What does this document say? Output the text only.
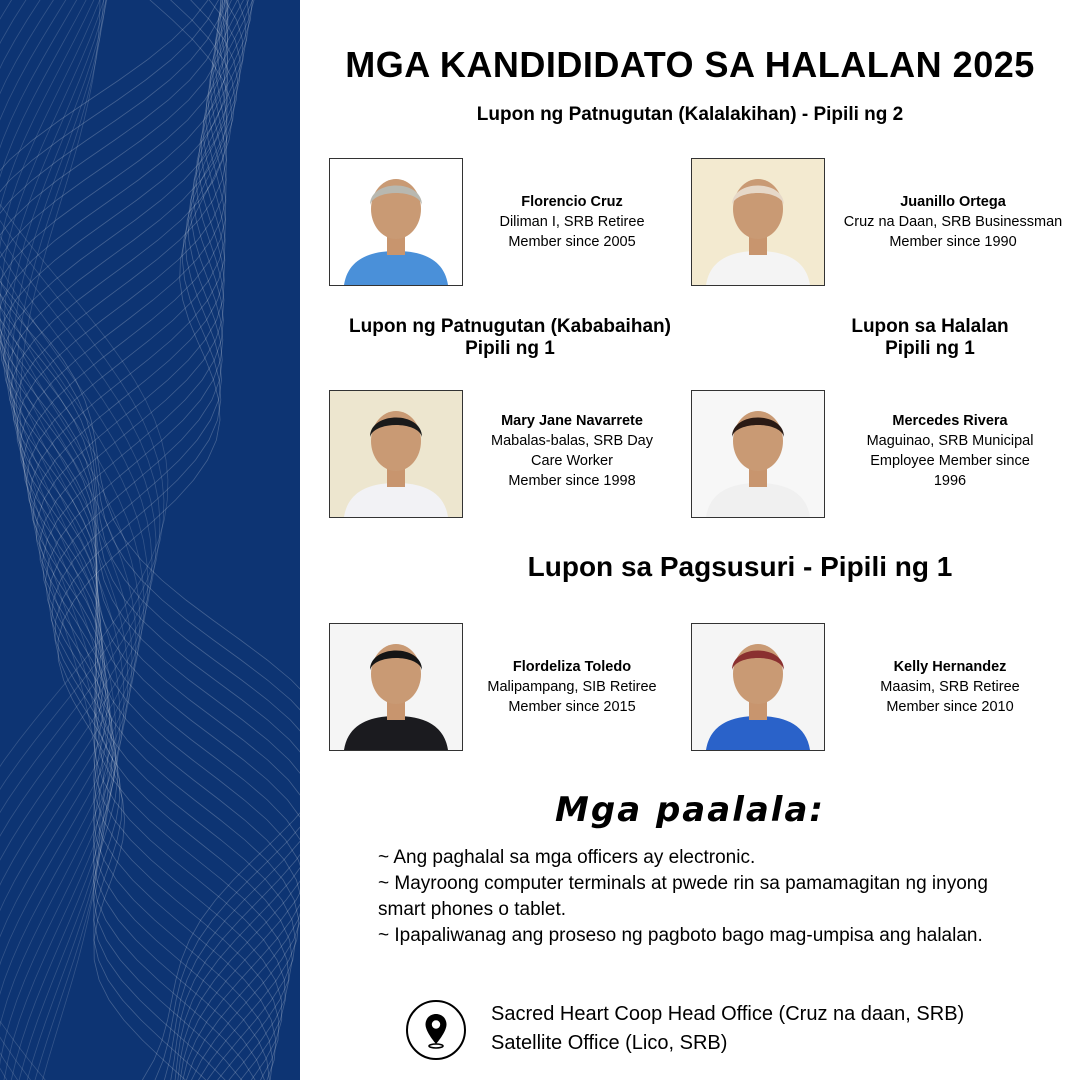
MGA KANDIDIDATO SA HALALAN 2025
Lupon ng Patnugutan (Kalalakihan) - Pipili ng 2
Florencio Cruz
Diliman I, SRB Retiree
Member since 2005
Juanillo Ortega
Cruz na Daan, SRB Businessman
Member since 1990
Lupon ng Patnugutan (Kababaihan)
Pipili ng 1
Lupon sa Halalan
Pipili ng 1
Mary Jane Navarrete
Mabalas-balas, SRB Day
Care Worker
Member since 1998
Mercedes Rivera
Maguinao, SRB Municipal
Employee Member since
1996
Lupon sa Pagsusuri - Pipili ng 1
Flordeliza Toledo
Malipampang, SIB Retiree
Member since 2015
Kelly Hernandez
Maasim, SRB Retiree
Member since 2010
Mga paalala:
~ Ang paghalal sa mga officers ay electronic.
~ Mayroong computer terminals at pwede rin sa pamamagitan ng inyong smart phones o tablet.
~ Ipapaliwanag ang proseso ng pagboto bago mag-umpisa ang halalan.
Sacred Heart Coop Head Office (Cruz na daan, SRB)
Satellite Office (Lico, SRB)
